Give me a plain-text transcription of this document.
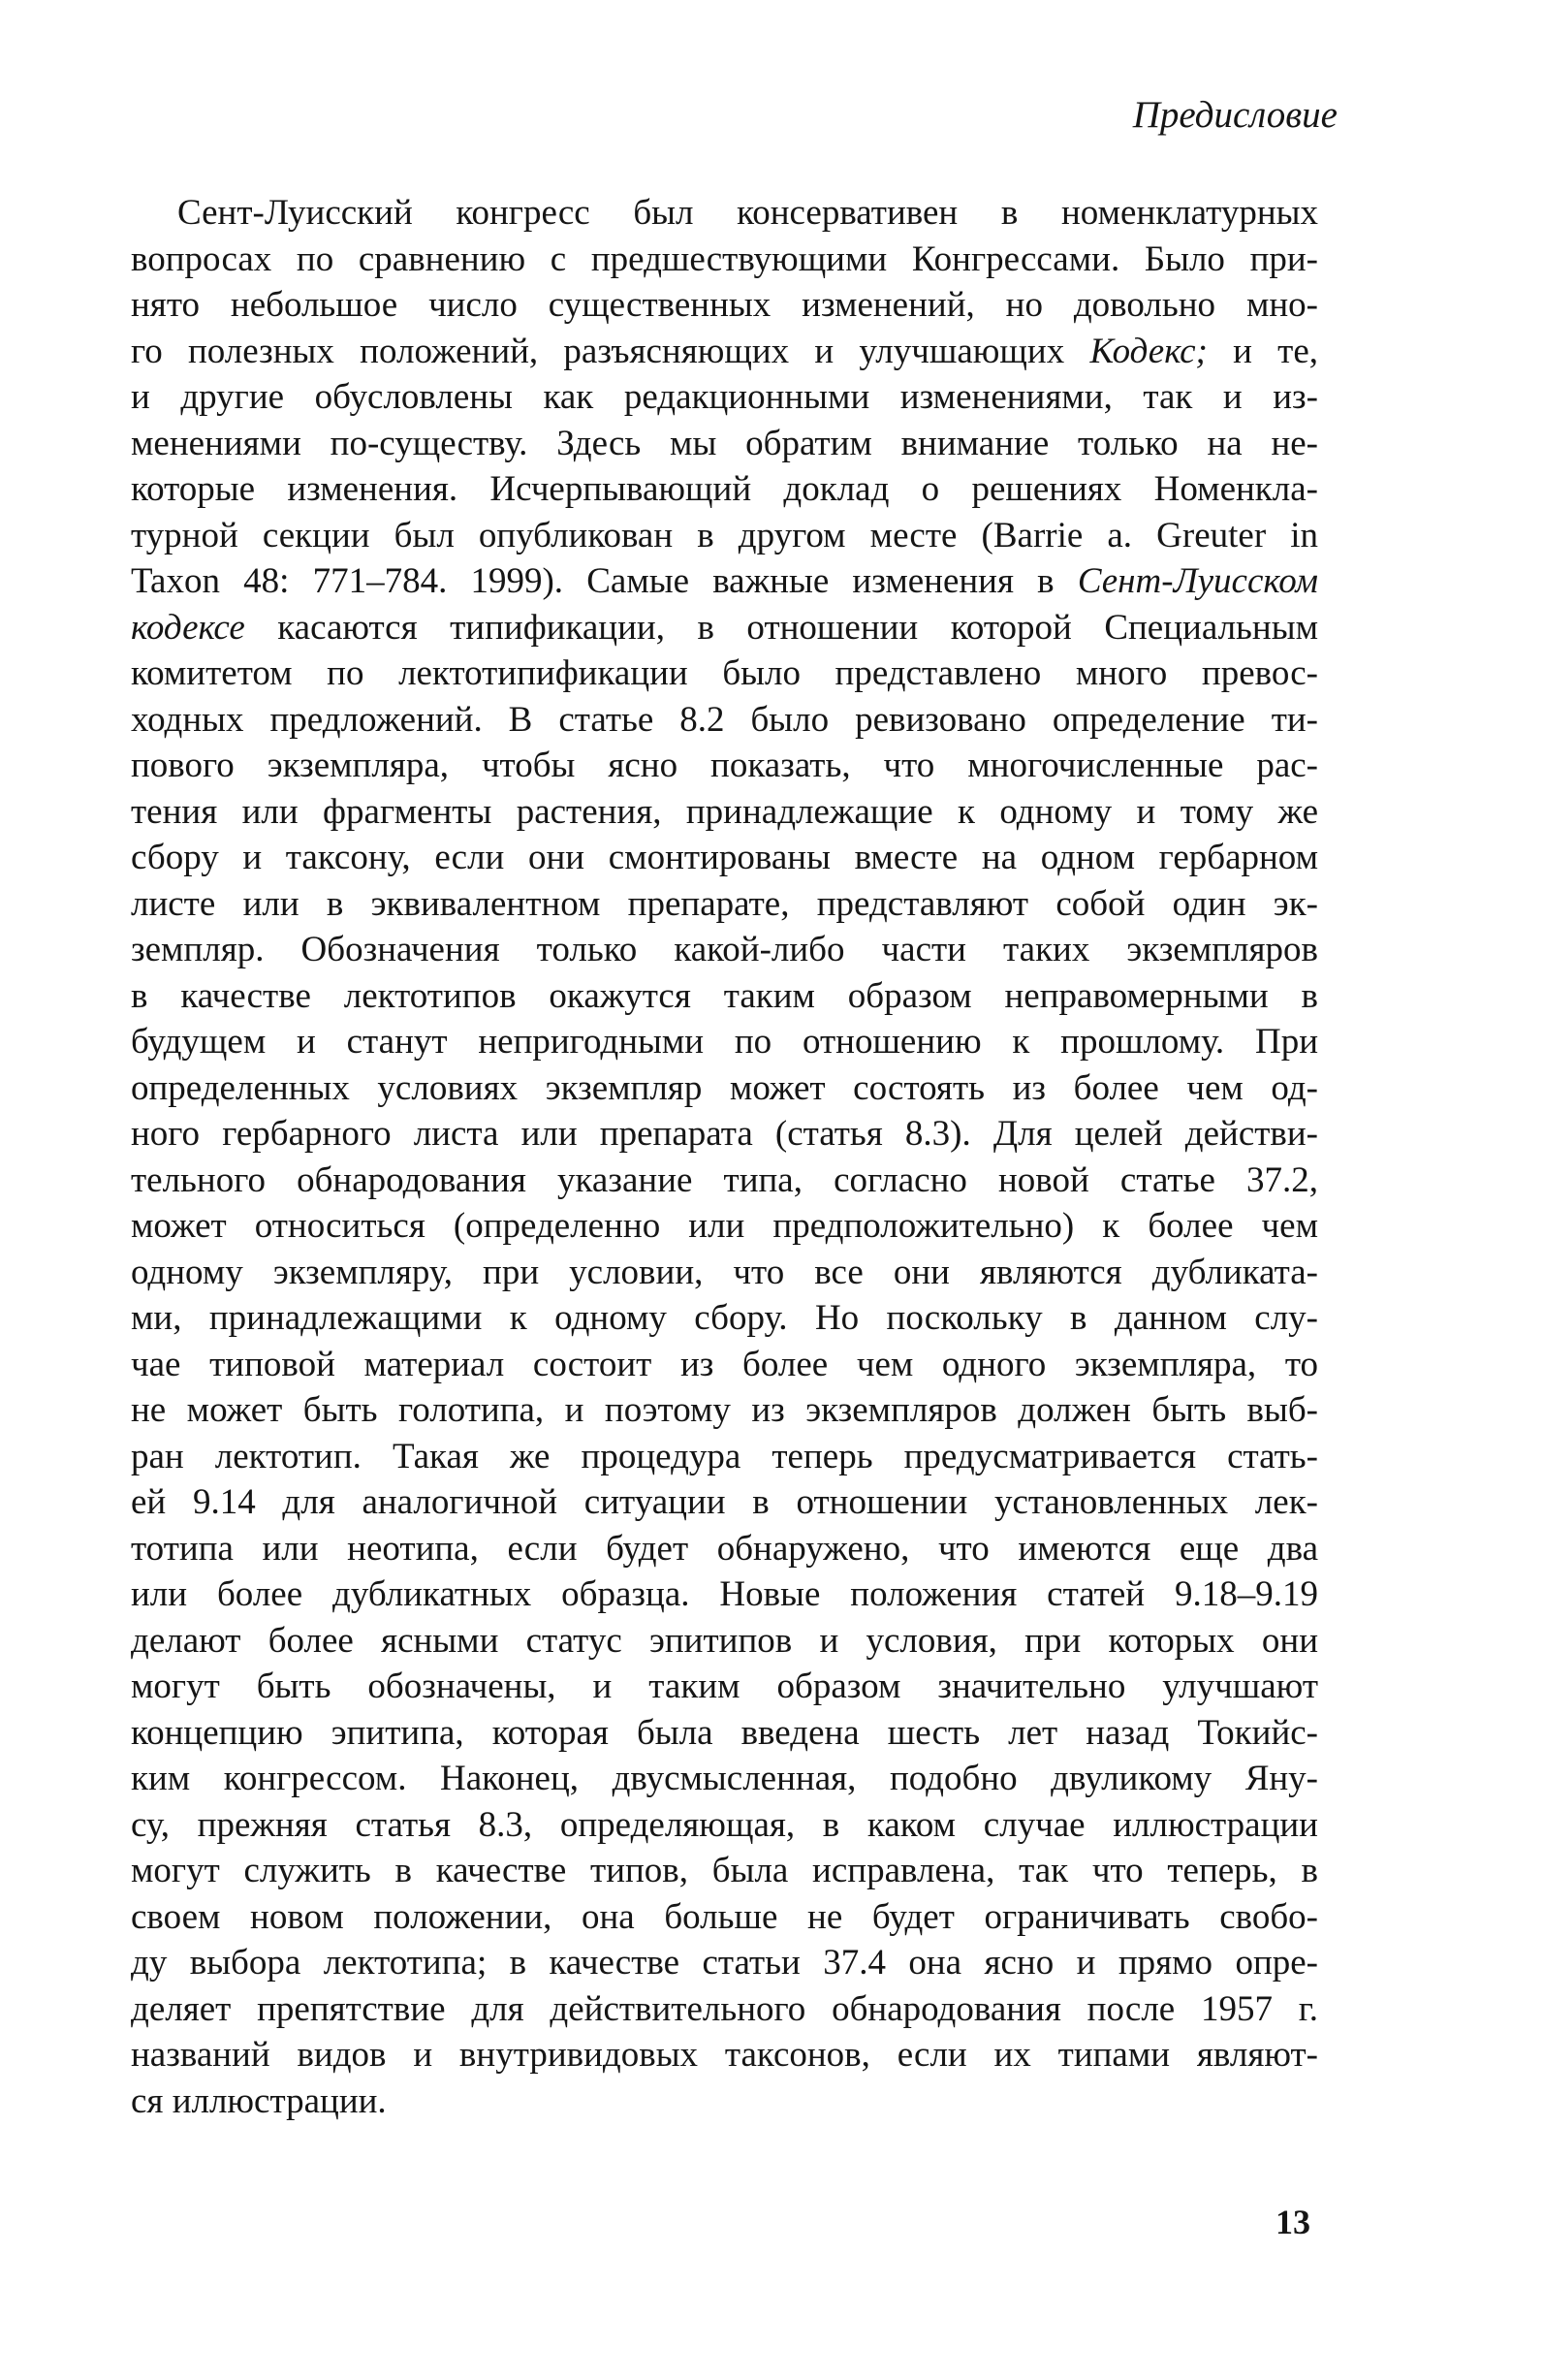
Предисловие
Сент-Луисский конгресс был консервативен в номенклатурных
вопросах по сравнению с предшествующими Конгрессами. Было при-
нято небольшое число существенных изменений, но довольно мно-
го полезных положений, разъясняющих и улучшающих Кодекс; и те,
и другие обусловлены как редакционными изменениями, так и из-
менениями по-существу. Здесь мы обратим внимание только на не-
которые изменения. Исчерпывающий доклад о решениях Номенкла-
турной секции был опубликован в другом месте (Barrie a. Greuter in
Taxon 48: 771–784. 1999). Самые важные изменения в Сент-Луисском
кодексе касаются типификации, в отношении которой Специальным
комитетом по лектотипификации было представлено много превос-
ходных предложений. В статье 8.2 было ревизовано определение ти-
пового экземпляра, чтобы ясно показать, что многочисленные рас-
тения или фрагменты растения, принадлежащие к одному и тому же
сбору и таксону, если они смонтированы вместе на одном гербарном
листе или в эквивалентном препарате, представляют собой один эк-
земпляр. Обозначения только какой-либо части таких экземпляров
в качестве лектотипов окажутся таким образом неправомерными в
будущем и станут непригодными по отношению к прошлому. При
определенных условиях экземпляр может состоять из более чем од-
ного гербарного листа или препарата (статья 8.3). Для целей действи-
тельного обнародования указание типа, согласно новой статье 37.2,
может относиться (определенно или предположительно) к более чем
одному экземпляру, при условии, что все они являются дубликата-
ми, принадлежащими к одному сбору. Но поскольку в данном слу-
чае типовой материал состоит из более чем одного экземпляра, то
не может быть голотипа, и поэтому из экземпляров должен быть выб-
ран лектотип. Такая же процедура теперь предусматривается стать-
ей 9.14 для аналогичной ситуации в отношении установленных лек-
тотипа или неотипа, если будет обнаружено, что имеются еще два
или более дубликатных образца. Новые положения статей 9.18–9.19
делают более ясными статус эпитипов и условия, при которых они
могут быть обозначены, и таким образом значительно улучшают
концепцию эпитипа, которая была введена шесть лет назад Токийс-
ким конгрессом. Наконец, двусмысленная, подобно двуликому Яну-
су, прежняя статья 8.3, определяющая, в каком случае иллюстрации
могут служить в качестве типов, была исправлена, так что теперь, в
своем новом положении, она больше не будет ограничивать свобо-
ду выбора лектотипа; в качестве статьи 37.4 она ясно и прямо опре-
деляет препятствие для действительного обнародования после 1957 г.
названий видов и внутривидовых таксонов, если их типами являют-
ся иллюстрации.
13
